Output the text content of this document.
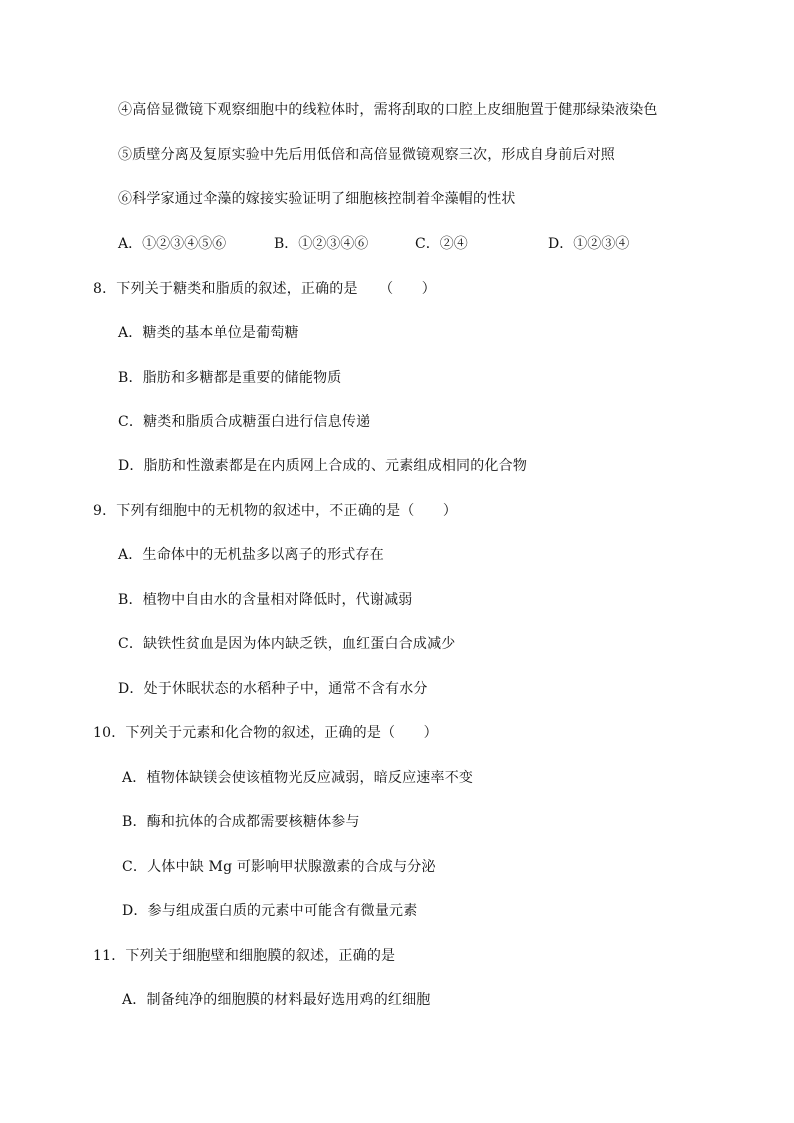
④高倍显微镜下观察细胞中的线粒体时，需将刮取的口腔上皮细胞置于健那绿染液染色
⑤质壁分离及复原实验中先后用低倍和高倍显微镜观察三次，形成自身前后对照
⑥科学家通过伞藻的嫁接实验证明了细胞核控制着伞藻帽的性状
A．①②③④⑤⑥	B．①②③④⑥	C．②④	D．①②③④
8．下列关于糖类和脂质的叙述，正确的是　　（　　）
A．糖类的基本单位是葡萄糖
B．脂肪和多糖都是重要的储能物质
C．糖类和脂质合成糖蛋白进行信息传递
D．脂肪和性激素都是在内质网上合成的、元素组成相同的化合物
9．下列有细胞中的无机物的叙述中，不正确的是（　　）
A．生命体中的无机盐多以离子的形式存在
B．植物中自由水的含量相对降低时，代谢减弱
C．缺铁性贫血是因为体内缺乏铁，血红蛋白合成减少
D．处于休眠状态的水稻种子中，通常不含有水分
10．下列关于元素和化合物的叙述，正确的是（　　）
A．植物体缺镁会使该植物光反应减弱，暗反应速率不变
B．酶和抗体的合成都需要核糖体参与
C．人体中缺 Mg 可影响甲状腺激素的合成与分泌
D．参与组成蛋白质的元素中可能含有微量元素
11．下列关于细胞壁和细胞膜的叙述，正确的是
A．制备纯净的细胞膜的材料最好选用鸡的红细胞
